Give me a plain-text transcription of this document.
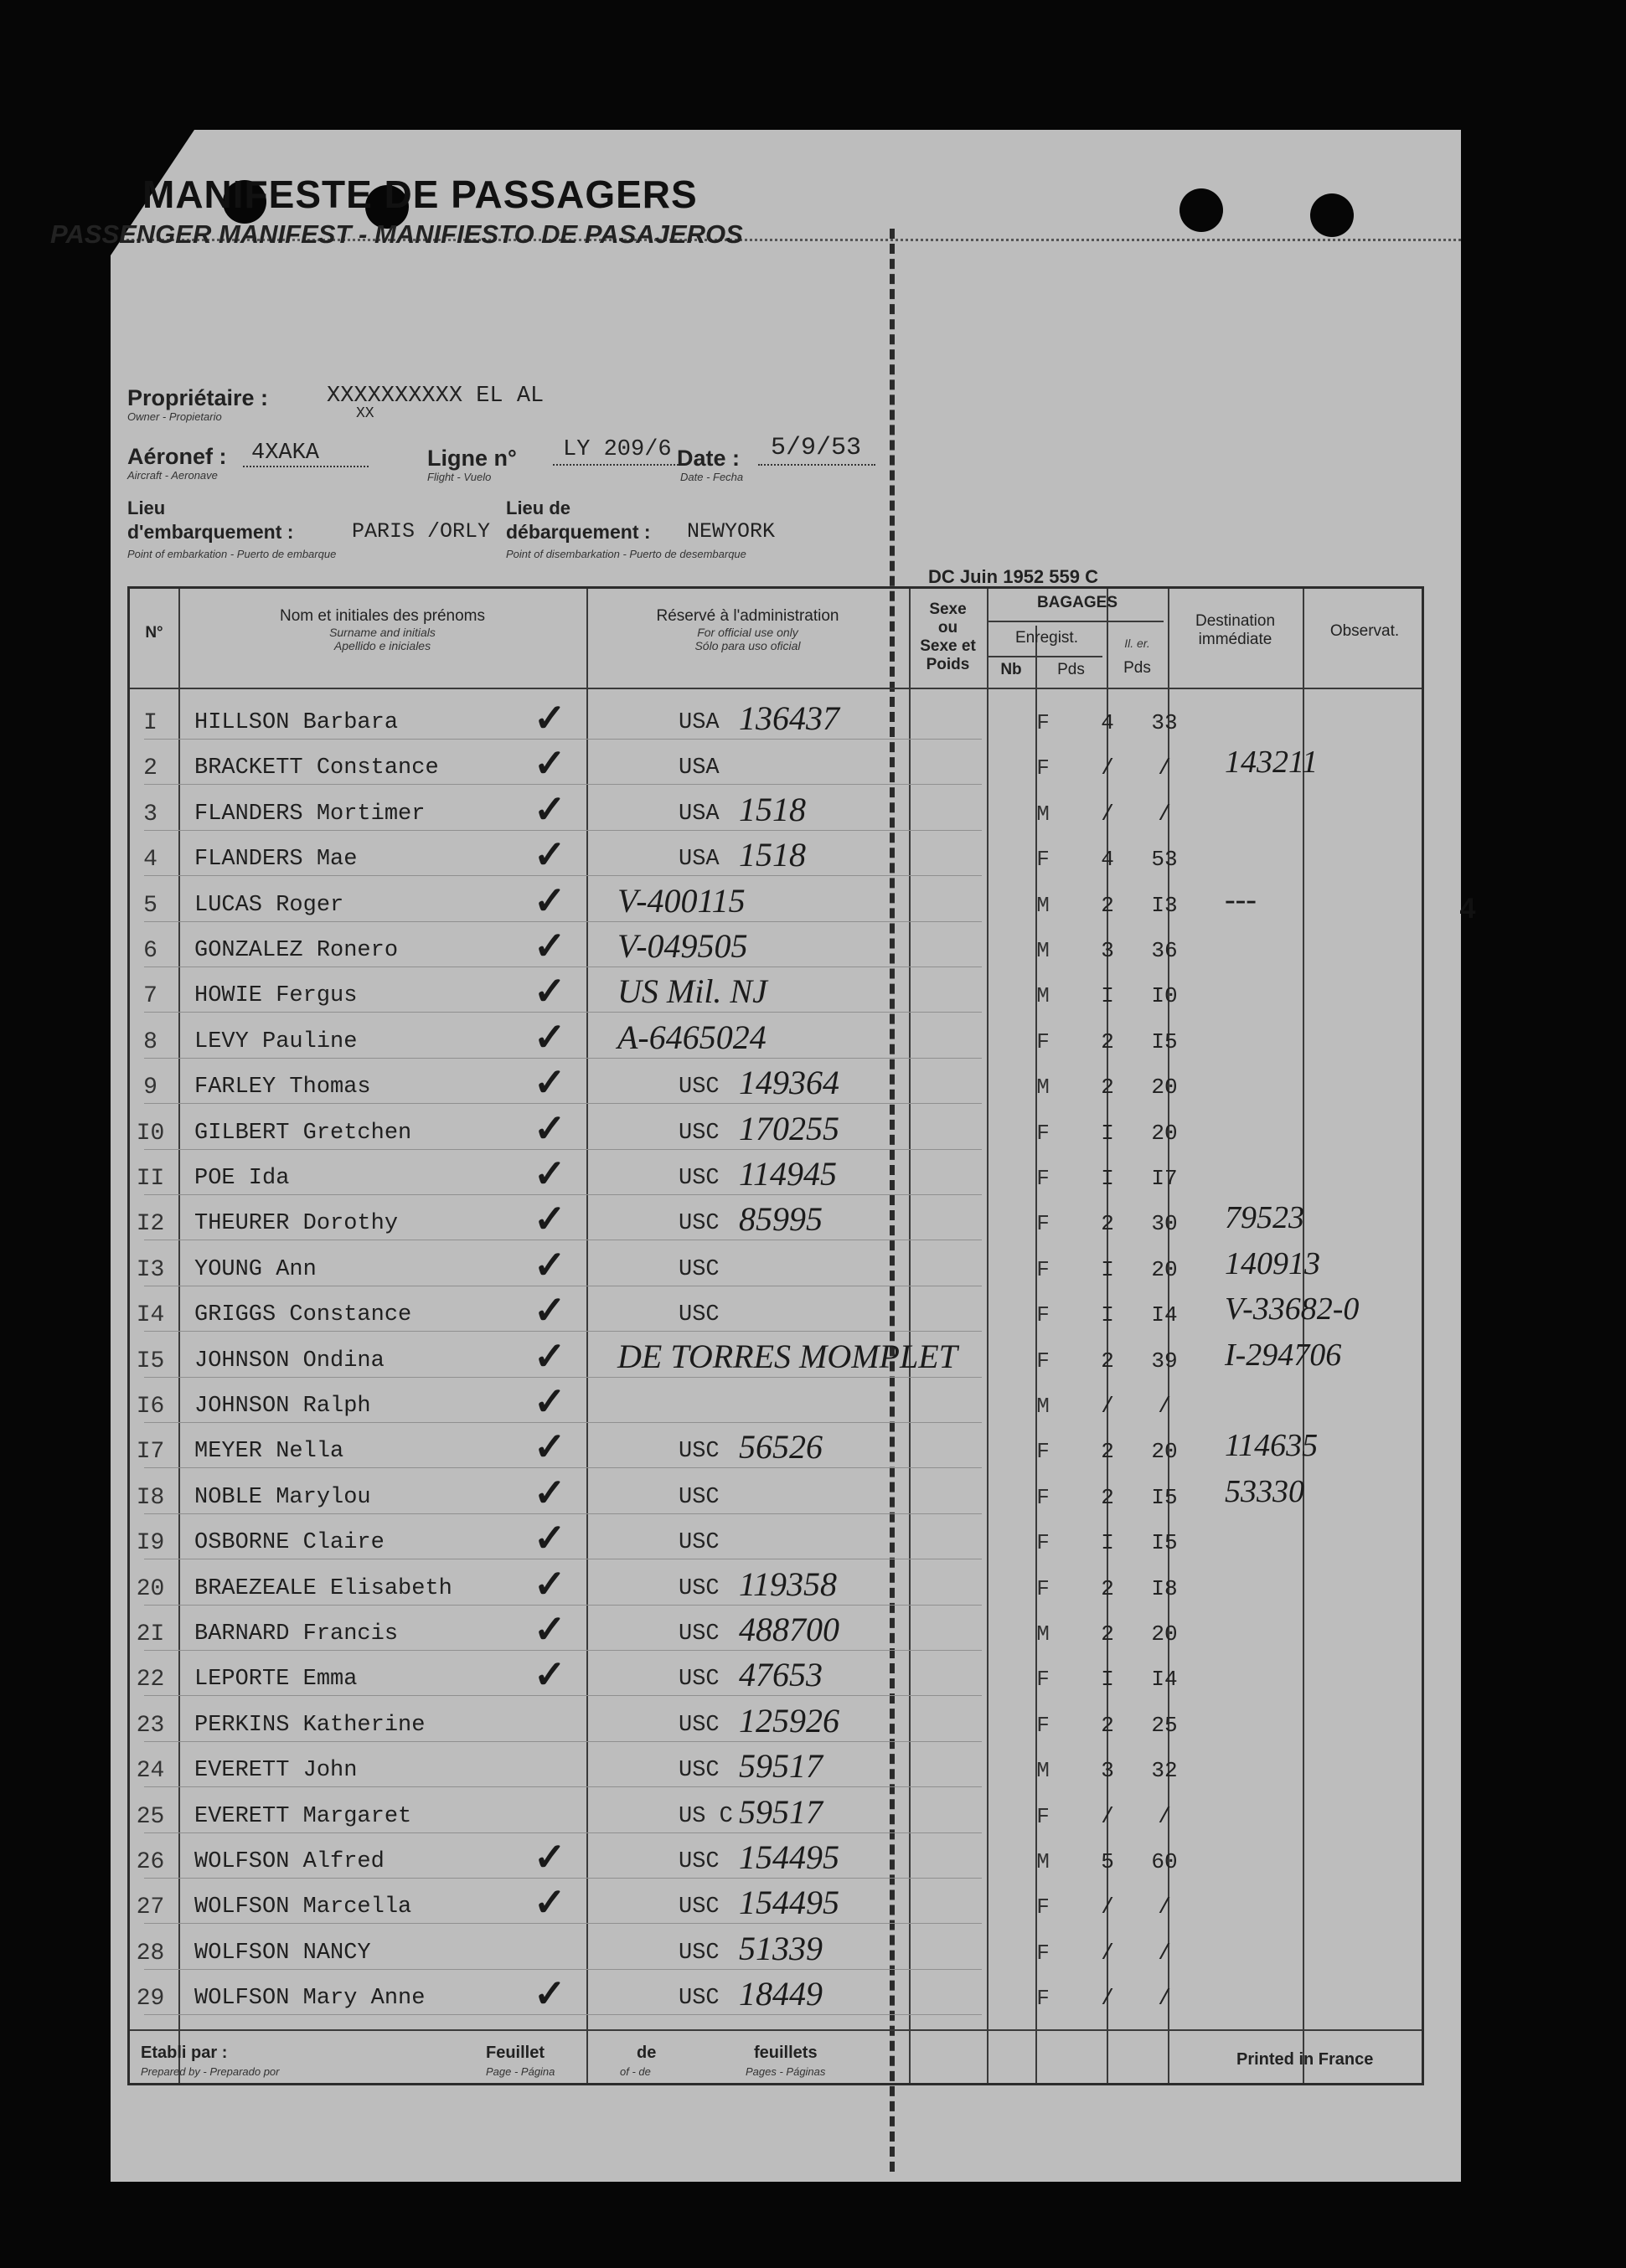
MANIFESTE DE PASSAGERS
PASSENGER MANIFEST - MANIFIESTO DE PASAJEROS
Propriétaire :
Owner - Propietario
XXXXXXXXXX EL AL
XX
Aéronef :
Aircraft - Aeronave
4XAKA	Ligne n°
Flight - Vuelo
LY 209/6 Date :
Date - Fecha
5/9/53
Lieu
d'embarquement :
Point of embarkation - Puerto de embarque
PARIS /ORLY
Lieu de
débarquement :
Point of disembarkation - Puerto de desembarque
NEWYORK
DC Juin 1952 559 C
N°
Nom et initiales des prénoms
Surname and initials
Apellido e iniciales
Réservé à l'administration
For official use only
Sólo para uso oficial
Sexe
ou
Sexe et
Poids
BAGAGES
Enregist.
Nb	Pds
Il. er.
Pds
Destination
immédiate	Observat.
I	HILLSON Barbara	✓	USA 136437	F	4	33
2	BRACKETT Constance ✓	USA	F	/	/	143211
3	FLANDERS Mortimer	✓	USA 1518	M	/	/
4	FLANDERS Mae	✓	USA 1518	F	4	53
5	LUCAS Roger	✓ V-400115	M	2	I3	---	4
6	GONZALEZ Ronero	✓ V-049505	M	3	36
7	HOWIE Fergus	✓ US Mil. NJ	M	I	I0
8	LEVY Pauline	✓ A-6465024	F	2	I5
9	FARLEY Thomas	✓	USC 149364	M	2	20
I0	GILBERT Gretchen	✓	USC 170255	F	I	20
II	POE Ida	✓	USC 114945	F	I	I7
I2	THEURER Dorothy	✓	USC 85995	F	2	30	79523
I3	YOUNG Ann	✓	USC	F	I	20	140913
I4	GRIGGS Constance	✓	USC	F	I	I4	V-33682-0
I5	JOHNSON Ondina	✓ DE TORRES MOMPLET	F	2	39	I-294706
I6	JOHNSON Ralph	✓	M	/	/
I7	MEYER Nella	✓	USC 56526	F	2	20	114635
I8	NOBLE Marylou	✓	USC	F	2	I5	53330
I9	OSBORNE Claire	✓	USC	F	I	I5
20	BRAEZEALE Elisabeth ✓	USC 119358	F	2	I8
2I	BARNARD Francis	✓	USC 488700	M	2	20
22	LEPORTE Emma	✓	USC 47653	F	I	I4
23	PERKINS Katherine	USC 125926	F	2	25
24	EVERETT John	USC 59517	M	3	32
25	EVERETT Margaret	US C 59517	F	/	/
26	WOLFSON Alfred	✓	USC 154495	M	5	60
27	WOLFSON Marcella	✓	USC 154495	F	/	/
28	WOLFSON NANCY	USC 51339	F	/	/
29	WOLFSON Mary Anne	✓	USC 18449	F	/	/
Etabli par :
Prepared by - Preparado por
Feuillet
Page - Página
de
of - de
feuillets
Pages - Páginas
Printed in France
